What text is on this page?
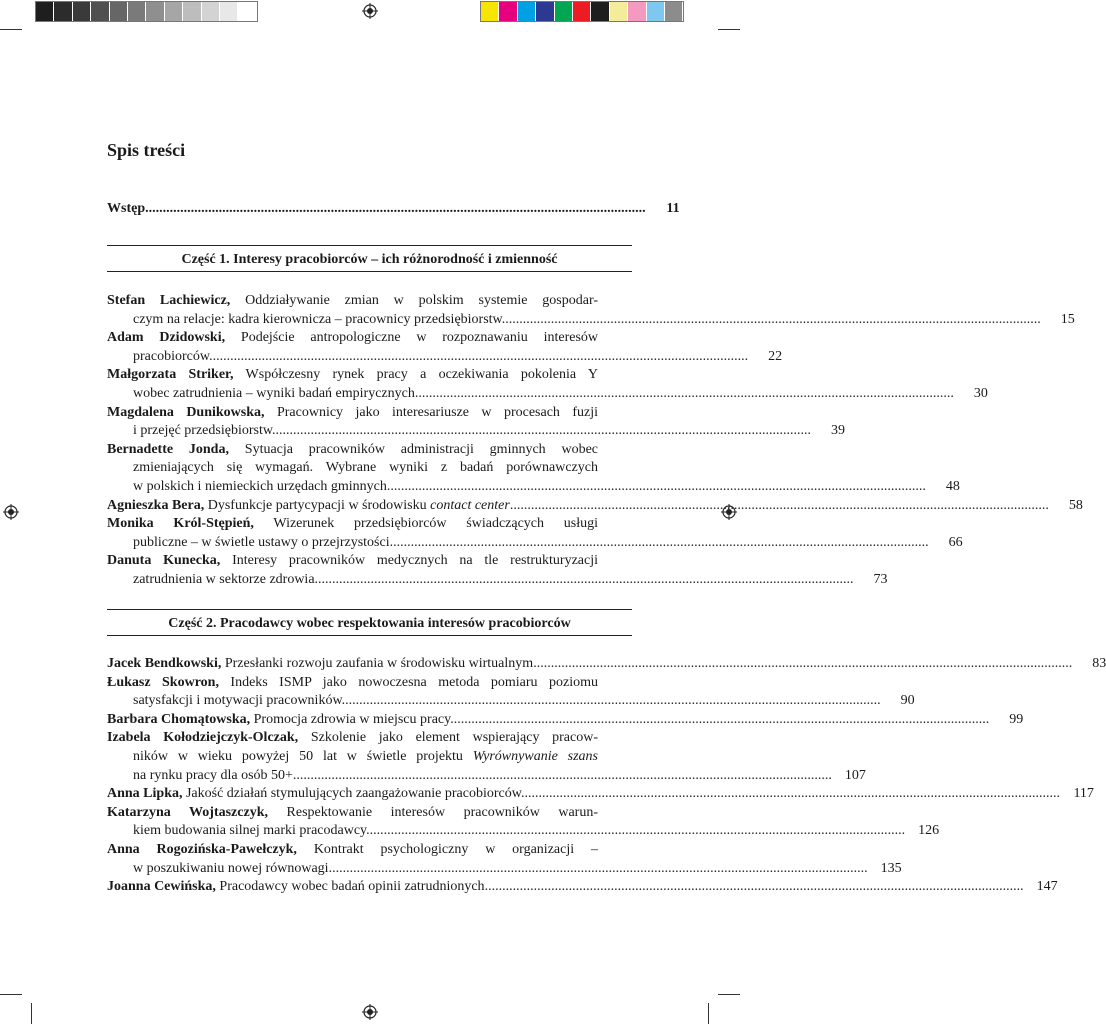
Spis treści
Wstęp...............................................................................................................................................	11
Część 1. Interesy pracobiorców – ich różnorodność i zmienność
Stefan Lachiewicz, Oddziaływanie zmian w polskim systemie gospodar-
czym na relacje: kadra kierownicza – pracownicy przedsiębiorstw..........................................................................................................................................................	15
Adam Dzidowski, Podejście antropologiczne w rozpoznawaniu interesów
pracobiorców..........................................................................................................................................................	22
Małgorzata Striker, Współczesny rynek pracy a oczekiwania pokolenia Y
wobec zatrudnienia – wyniki badań empirycznych..........................................................................................................................................................	30
Magdalena Dunikowska, Pracownicy jako interesariusze w procesach fuzji
i przejęć przedsiębiorstw..........................................................................................................................................................	39
Bernadette Jonda, Sytuacja pracowników administracji gminnych wobec
zmieniających się wymagań. Wybrane wyniki z badań porównawczych
w polskich i niemieckich urzędach gminnych..........................................................................................................................................................	48
Agnieszka Bera, Dysfunkcje partycypacji w środowisku contact center..........................................................................................................................................................	58
Monika Król-Stępień, Wizerunek przedsiębiorców świadczących usługi
publiczne – w świetle ustawy o przejrzystości..........................................................................................................................................................	66
Danuta Kunecka, Interesy pracowników medycznych na tle restrukturyzacji
zatrudnienia w sektorze zdrowia..........................................................................................................................................................	73
Część 2. Pracodawcy wobec respektowania interesów pracobiorców
Jacek Bendkowski, Przesłanki rozwoju zaufania w środowisku wirtualnym..........................................................................................................................................................	83
Łukasz Skowron, Indeks ISMP jako nowoczesna metoda pomiaru poziomu
satysfakcji i motywacji pracowników..........................................................................................................................................................	90
Barbara Chomątowska, Promocja zdrowia w miejscu pracy..........................................................................................................................................................	99
Izabela Kołodziejczyk-Olczak, Szkolenie jako element wspierający pracow-
ników w wieku powyżej 50 lat w świetle projektu Wyrównywanie szans
na rynku pracy dla osób 50+.......................................................................................................................................................... 107
Anna Lipka, Jakość działań stymulujących zaangażowanie pracobiorców.......................................................................................................................................................... 117
Katarzyna Wojtaszczyk, Respektowanie interesów pracowników warun-
kiem budowania silnej marki pracodawcy.......................................................................................................................................................... 126
Anna Rogozińska-Pawełczyk, Kontrakt psychologiczny w organizacji –
w poszukiwaniu nowej równowagi.......................................................................................................................................................... 135
Joanna Cewińska, Pracodawcy wobec badań opinii zatrudnionych.......................................................................................................................................................... 147
